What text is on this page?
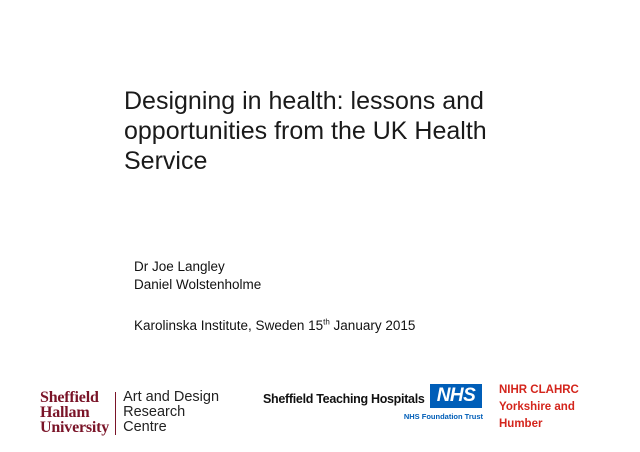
Designing in health: lessons and
opportunities from the UK Health
Service
Dr Joe Langley
Daniel Wolstenholme
Karolinska Institute, Sweden 15th January 2015
Sheffield
Hallam
University
Art and Design
Research
Centre
Sheffield Teaching Hospitals NHS
NHS Foundation Trust
NIHR CLAHRC
Yorkshire and
Humber
